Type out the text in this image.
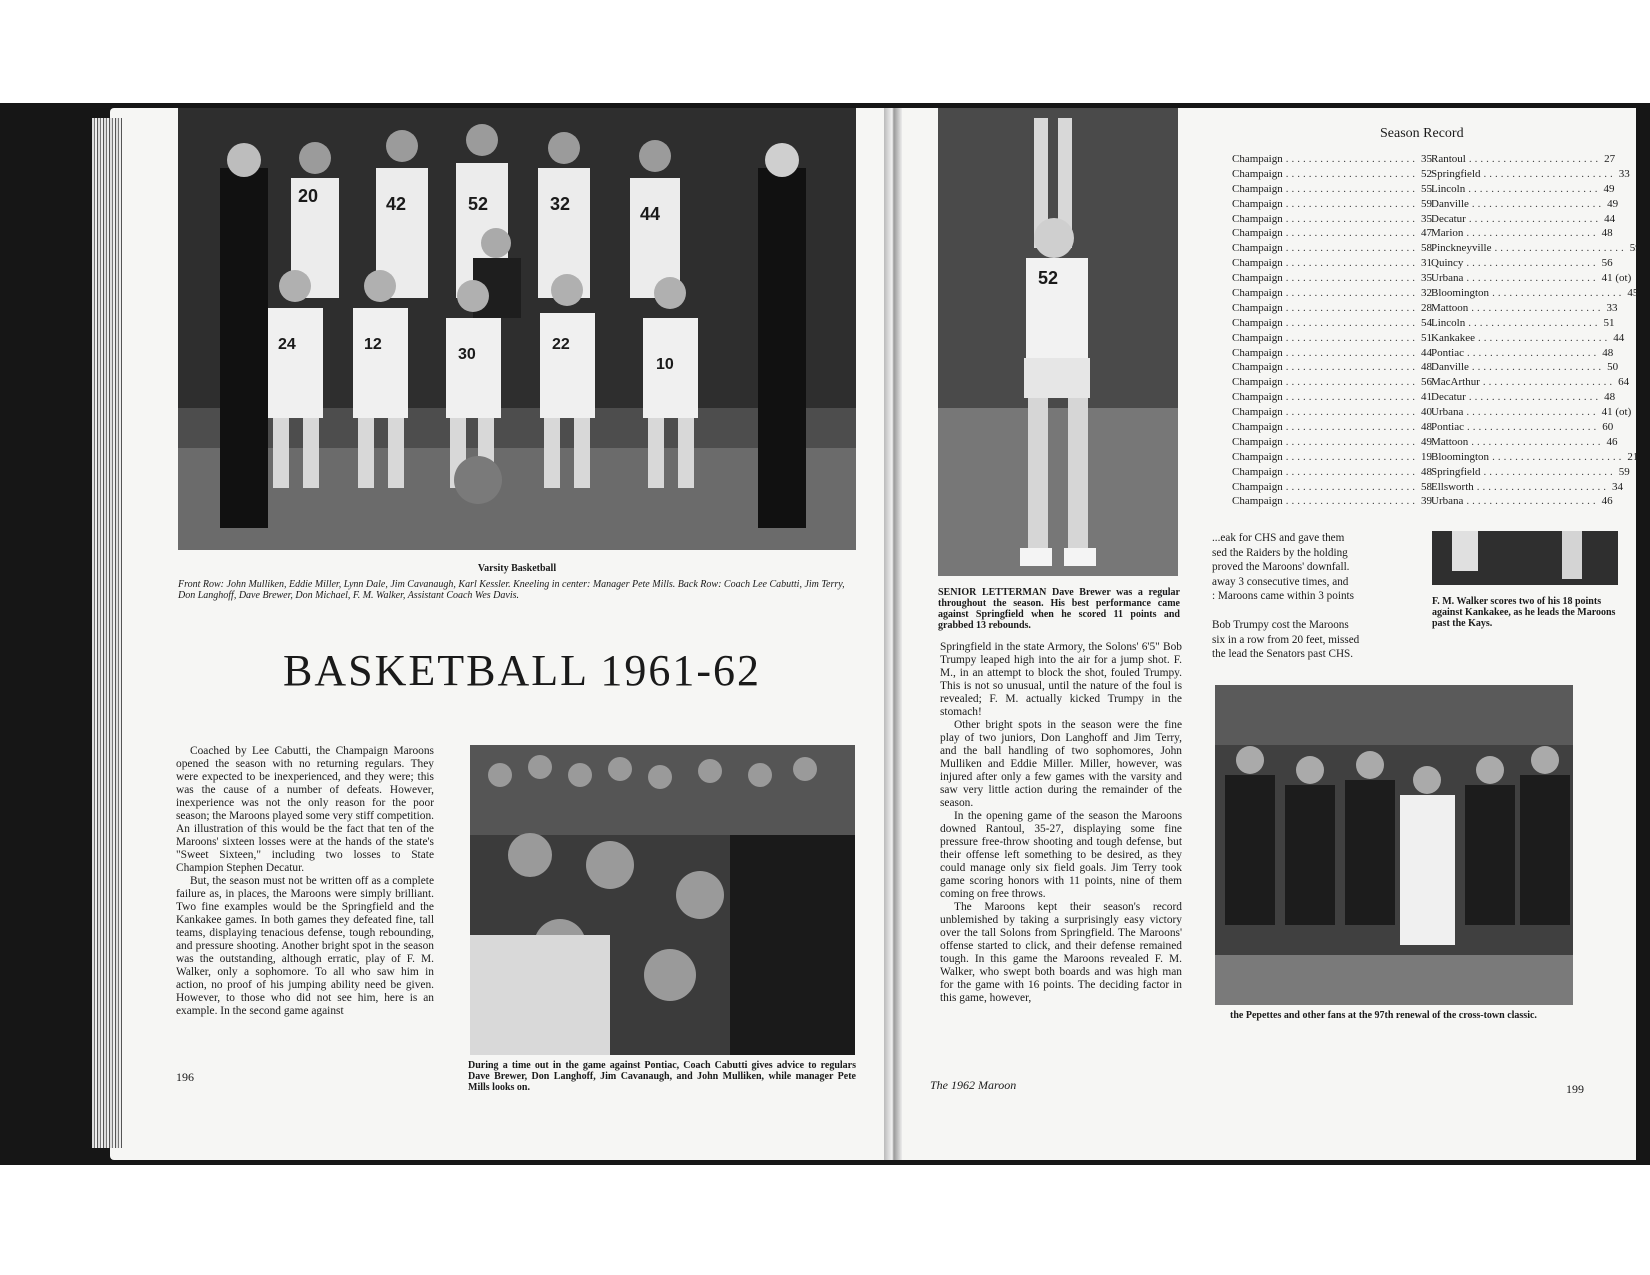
20	42	52	32	44
24	12
30
22
10
Varsity Basketball
Front Row: John Mulliken, Eddie Miller, Lynn Dale, Jim Cavanaugh, Karl Kessler. Kneeling in center: Manager Pete Mills. Back Row: Coach Lee Cabutti, Jim Terry, Don Langhoff, Dave Brewer, Don Michael, F. M. Walker, Assistant Coach Wes Davis.
BASKETBALL 1961-62

Coached by Lee Cabutti, the Champaign Maroons opened the season with no returning regulars. They were expected to be inexperienced, and they were; this was the cause of a number of defeats. However, inexperience was not the only reason for the poor season; the Maroons played some very stiff competition. An illustration of this would be the fact that ten of the Maroons' sixteen losses were at the hands of the state's "Sweet Sixteen," including two losses to State Champion Stephen Decatur.

But, the season must not be written off as a complete failure as, in places, the Maroons were simply brilliant. Two fine examples would be the Springfield and the Kankakee games. In both games they defeated fine, tall teams, displaying tenacious defense, tough rebounding, and pressure shooting. Another bright spot in the season was the outstanding, although erratic, play of F. M. Walker, only a sophomore. To all who saw him in action, no proof of his jumping ability need be given. However, to those who did not see him, here is an example. In the second game against

During a time out in the game against Pontiac, Coach Cabutti gives advice to regulars Dave Brewer, Don Langhoff, Jim Cavanaugh, and John Mulliken, while manager Pete Mills looks on.
196
52
SENIOR LETTERMAN Dave Brewer was a regular throughout the season. His best performance came against Springfield when he scored 11 points and grabbed 13 rebounds.

Springfield in the state Armory, the Solons' 6'5" Bob Trumpy leaped high into the air for a jump shot. F. M., in an attempt to block the shot, fouled Trumpy. This is not so unusual, until the nature of the foul is revealed; F. M. actually kicked Trumpy in the stomach!

Other bright spots in the season were the fine play of two juniors, Don Langhoff and Jim Terry, and the ball handling of two sophomores, John Mulliken and Eddie Miller. Miller, however, was injured after only a few games with the varsity and saw very little action during the remainder of the season.

In the opening game of the season the Maroons downed Rantoul, 35-27, displaying some fine pressure free-throw shooting and tough defense, but their offense left something to be desired, as they could manage only six field goals. Jim Terry took game scoring honors with 11 points, nine of them coming on free throws.

The Maroons kept their season's record unblemished by taking a surprisingly easy victory over the tall Solons from Springfield. The Maroons' offense started to click, and their defense remained tough. In this game the Maroons revealed F. M. Walker, who swept both boards and was high man for the game with 16 points. The deciding factor in this game, however,

Season Record
Champaign ....................... 35 Rantoul ....................... 27
Champaign ....................... 52 Springfield ....................... 33
Champaign ....................... 55 Lincoln ....................... 49
Champaign ....................... 59 Danville ....................... 49
Champaign ....................... 35 Decatur ....................... 44
Champaign ....................... 47 Marion ....................... 48
Champaign ....................... 58 Pinckneyville ....................... 59
Champaign ....................... 31 Quincy ....................... 56
Champaign ....................... 35 Urbana ....................... 41 (ot)
Champaign ....................... 32 Bloomington ....................... 45
Champaign ....................... 28 Mattoon ....................... 33
Champaign ....................... 54 Lincoln ....................... 51
Champaign ....................... 51 Kankakee ....................... 44
Champaign ....................... 44 Pontiac ....................... 48
Champaign ....................... 48 Danville ....................... 50
Champaign ....................... 56 MacArthur ....................... 64
Champaign ....................... 41 Decatur ....................... 48
Champaign ....................... 40 Urbana ....................... 41 (ot)
Champaign ....................... 48 Pontiac ....................... 60
Champaign ....................... 49 Mattoon ....................... 46
Champaign ....................... 19 Bloomington ....................... 21
Champaign ....................... 48 Springfield ....................... 59
Champaign ....................... 58 Ellsworth ....................... 34
Champaign ....................... 39 Urbana ....................... 46
...eak for CHS and gave them
sed the Raiders by the holding
proved the Maroons' downfall.
away 3 consecutive times, and
: Maroons came within 3 points
Bob Trumpy cost the Maroons
six in a row from 20 feet, missed
the lead the Senators past CHS.
F. M. Walker scores two of his 18 points against Kankakee, as he leads the Maroons past the Kays.
the Pepettes and other fans at the 97th renewal of the cross-town classic.
The 1962 Maroon	199
